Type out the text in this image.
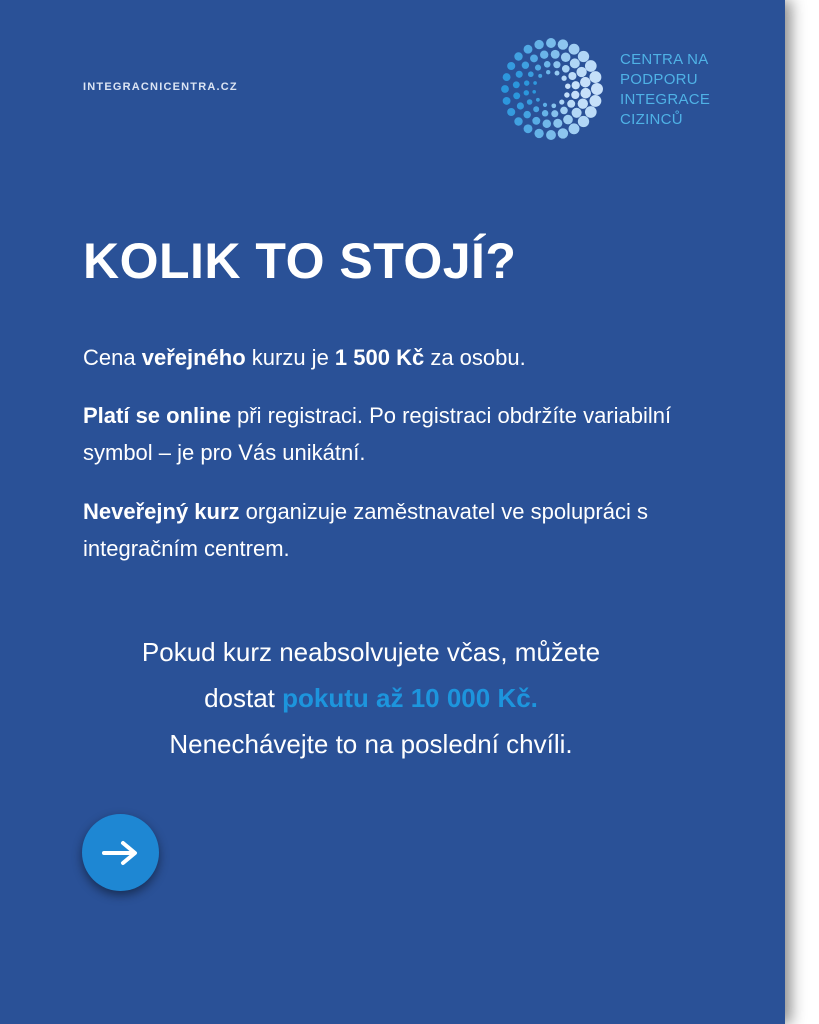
INTEGRACNICENTRA.CZ
CENTRA NA
PODPORU
INTEGRACE
CIZINCŮ
KOLIK TO STOJÍ?
Cena veřejného kurzu je 1 500 Kč za osobu.
Platí se online při registraci. Po registraci obdržíte variabilní symbol – je pro Vás unikátní.
Neveřejný kurz organizuje zaměstnavatel ve spolupráci s integračním centrem.
Pokud kurz neabsolvujete včas, můžete
dostat pokutu až 10 000 Kč.
Nenechávejte to na poslední chvíli.
